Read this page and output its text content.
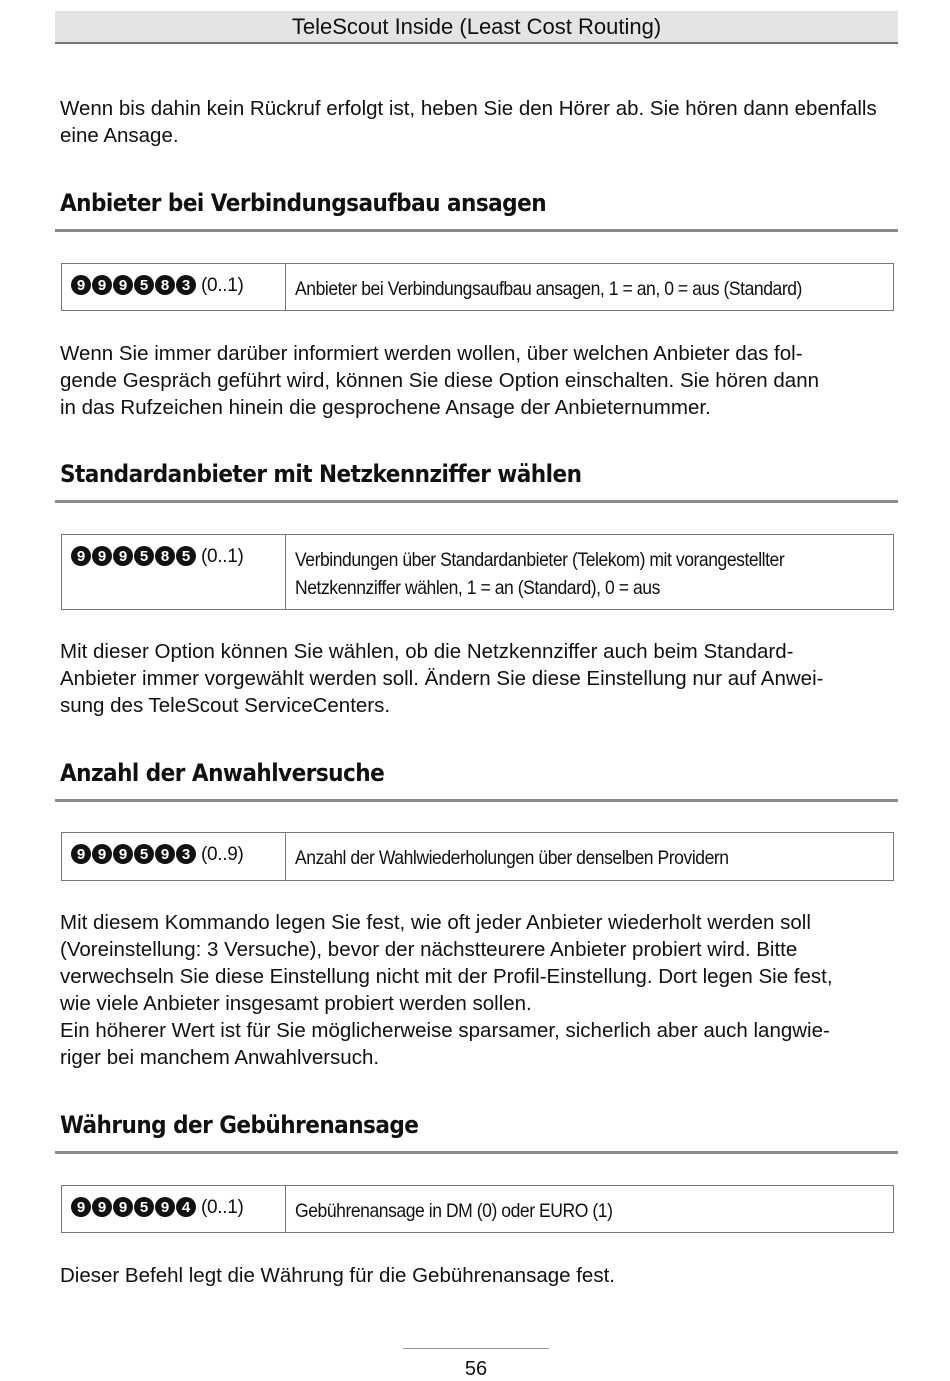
TeleScout Inside (Least Cost Routing)

Wenn bis dahin kein Rückruf erfolgt ist, heben Sie den Hörer ab. Sie hören dann ebenfalls eine Ansage.

Anbieter bei Verbindungsaufbau ansagen
9 9 9 5 8 3 (0..1)	Anbieter bei Verbindungsaufbau ansagen, 1 = an, 0 = aus (Standard)
Wenn Sie immer darüber informiert werden wollen, über welchen Anbieter das fol-
gende Gespräch geführt wird, können Sie diese Option einschalten. Sie hören dann
in das Rufzeichen hinein die gesprochene Ansage der Anbieternummer.
Standardanbieter mit Netzkennziffer wählen
9 9 9 5 8 5 (0..1)	Verbindungen über Standardanbieter (Telekom) mit vorangestellter
Netzkennziffer wählen, 1 = an (Standard), 0 = aus
Mit dieser Option können Sie wählen, ob die Netzkennziffer auch beim Standard-
Anbieter immer vorgewählt werden soll. Ändern Sie diese Einstellung nur auf Anwei-
sung des TeleScout ServiceCenters.
Anzahl der Anwahlversuche
9 9 9 5 9 3 (0..9)	Anzahl der Wahlwiederholungen über denselben Providern
Mit diesem Kommando legen Sie fest, wie oft jeder Anbieter wiederholt werden soll
(Voreinstellung: 3 Versuche), bevor der nächstteurere Anbieter probiert wird. Bitte
verwechseln Sie diese Einstellung nicht mit der Profil-Einstellung. Dort legen Sie fest,
wie viele Anbieter insgesamt probiert werden sollen.
Ein höherer Wert ist für Sie möglicherweise sparsamer, sicherlich aber auch langwie-
riger bei manchem Anwahlversuch.
Währung der Gebührenansage
9 9 9 5 9 4 (0..1)	Gebührenansage in DM (0) oder EURO (1)
Dieser Befehl legt die Währung für die Gebührenansage fest.
56
